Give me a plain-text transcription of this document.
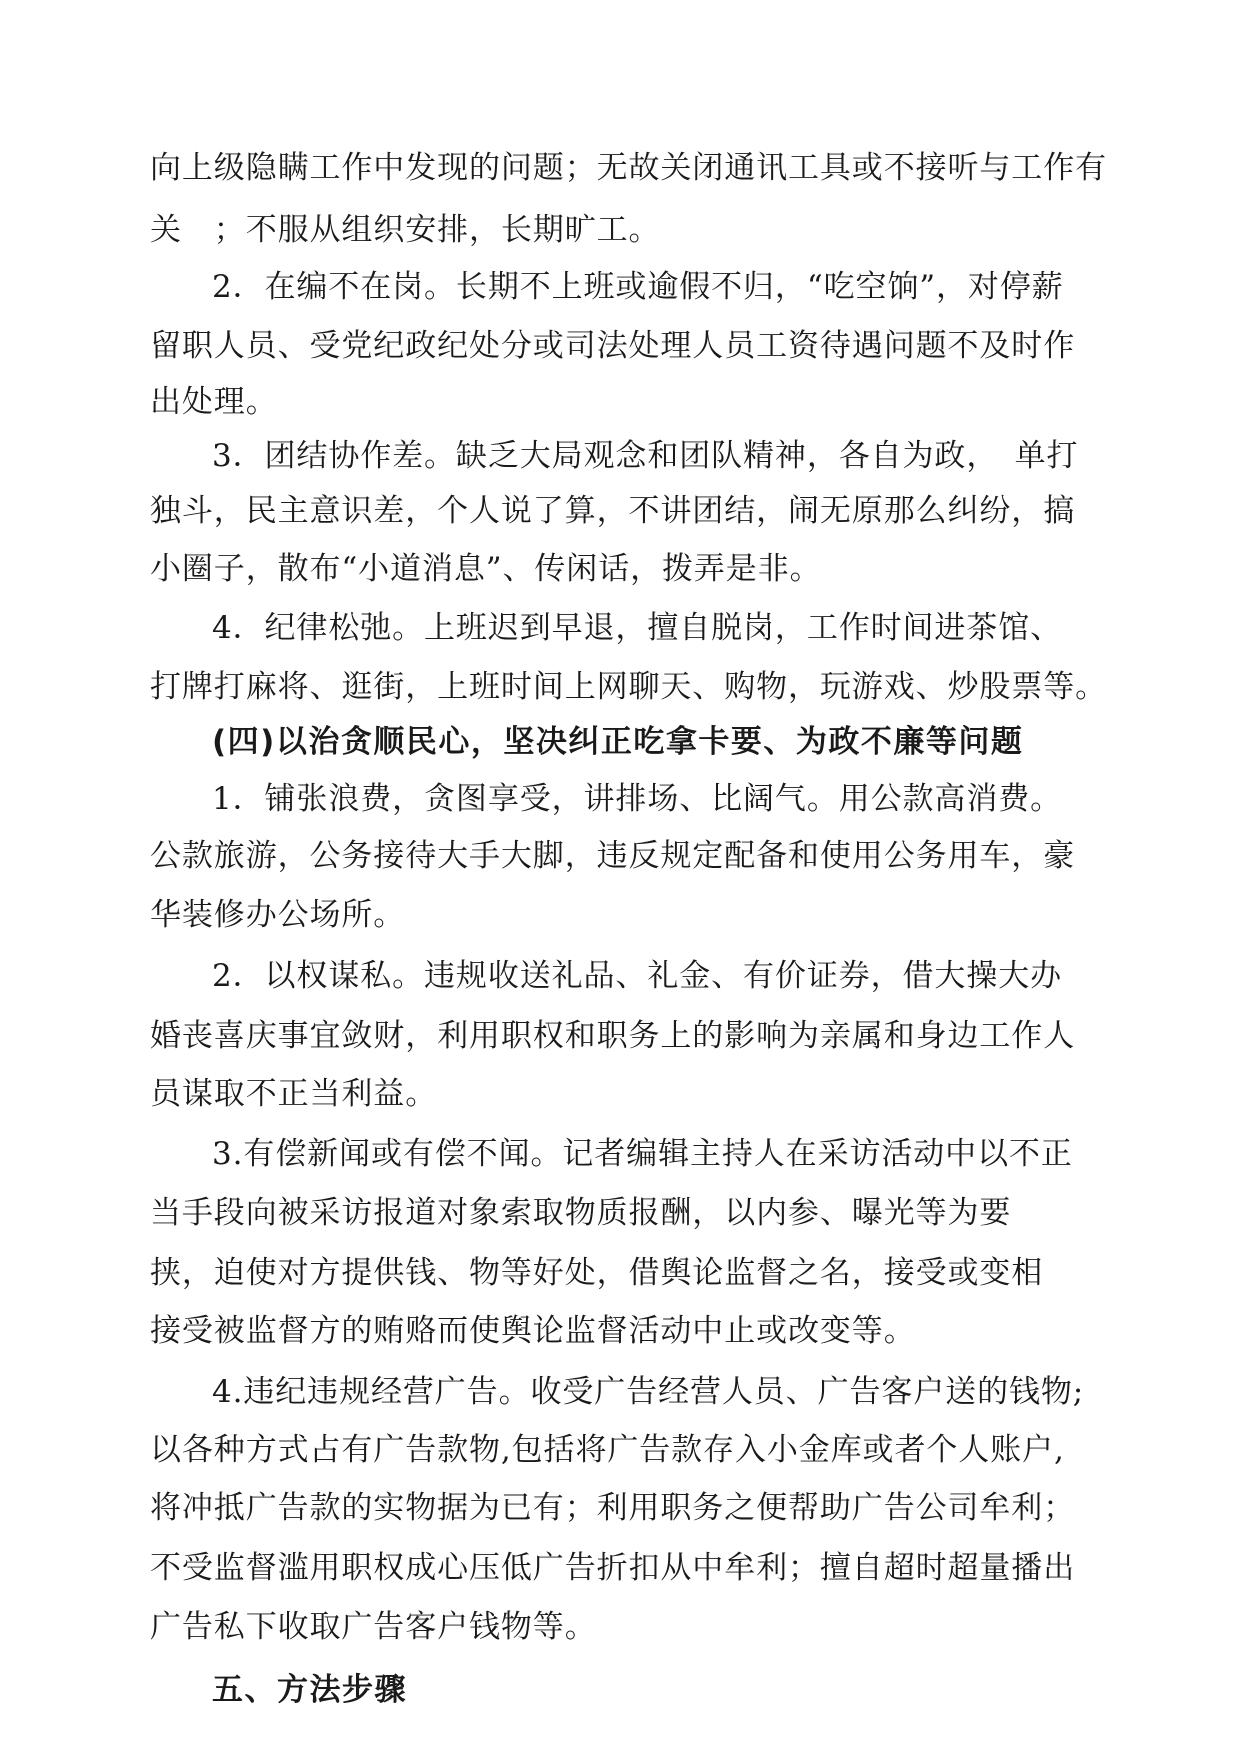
向上级隐瞒工作中发现的问题；无故关闭通讯工具或不接听与工作有
关　；不服从组织安排，长期旷工。
2．在编不在岗。长期不上班或逾假不归，“吃空饷”，对停薪
留职人员、受党纪政纪处分或司法处理人员工资待遇问题不及时作
出处理。
3．团结协作差。缺乏大局观念和团队精神，各自为政，　单打
独斗，民主意识差，个人说了算，不讲团结，闹无原那么纠纷，搞
小圈子，散布“小道消息”、传闲话，拨弄是非。
4．纪律松弛。上班迟到早退，擅自脱岗，工作时间进茶馆、
打牌打麻将、逛街，上班时间上网聊天、购物，玩游戏、炒股票等。
(四)以治贪顺民心，坚决纠正吃拿卡要、为政不廉等问题
1．铺张浪费，贪图享受，讲排场、比阔气。用公款高消费。
公款旅游，公务接待大手大脚，违反规定配备和使用公务用车，豪
华装修办公场所。
2．以权谋私。违规收送礼品、礼金、有价证券，借大操大办
婚丧喜庆事宜敛财，利用职权和职务上的影响为亲属和身边工作人
员谋取不正当利益。
3.有偿新闻或有偿不闻。记者编辑主持人在采访活动中以不正
当手段向被采访报道对象索取物质报酬，以内参、曝光等为要
挟，迫使对方提供钱、物等好处，借舆论监督之名，接受或变相
接受被监督方的贿赂而使舆论监督活动中止或改变等。
4.违纪违规经营广告。收受广告经营人员、广告客户送的钱物;
以各种方式占有广告款物,包括将广告款存入小金库或者个人账户,
将冲抵广告款的实物据为已有；利用职务之便帮助广告公司牟利；
不受监督滥用职权成心压低广告折扣从中牟利；擅自超时超量播出
广告私下收取广告客户钱物等。
五、方法步骤
